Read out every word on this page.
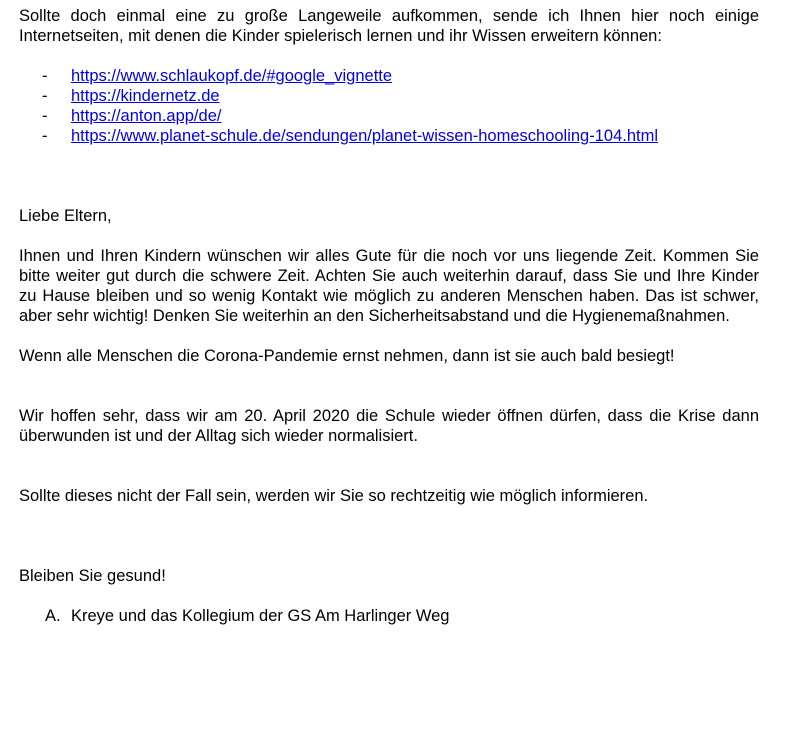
Sollte doch einmal eine zu große Langeweile aufkommen, sende ich Ihnen hier noch einige Internetseiten, mit denen die Kinder spielerisch lernen und ihr Wissen erweitern können:

- https://www.schlaukopf.de/#google_vignette
- https://kindernetz.de
- https://anton.app/de/
- https://www.planet-schule.de/sendungen/planet-wissen-homeschooling-104.html

Liebe Eltern,

Ihnen und Ihren Kindern wünschen wir alles Gute für die noch vor uns liegende Zeit. Kommen Sie bitte weiter gut durch die schwere Zeit. Achten Sie auch weiterhin darauf, dass Sie und Ihre Kinder zu Hause bleiben und so wenig Kontakt wie möglich zu anderen Menschen haben. Das ist schwer, aber sehr wichtig! Denken Sie weiterhin an den Sicherheitsabstand und die Hygienemaßnahmen.

Wenn alle Menschen die Corona-Pandemie ernst nehmen, dann ist sie auch bald besiegt!

Wir hoffen sehr, dass wir am 20. April 2020 die Schule wieder öffnen dürfen, dass die Krise dann überwunden ist und der Alltag sich wieder normalisiert.

Sollte dieses nicht der Fall sein, werden wir Sie so rechtzeitig wie möglich informieren.

Bleiben Sie gesund!

A. Kreye und das Kollegium der GS Am Harlinger Weg
